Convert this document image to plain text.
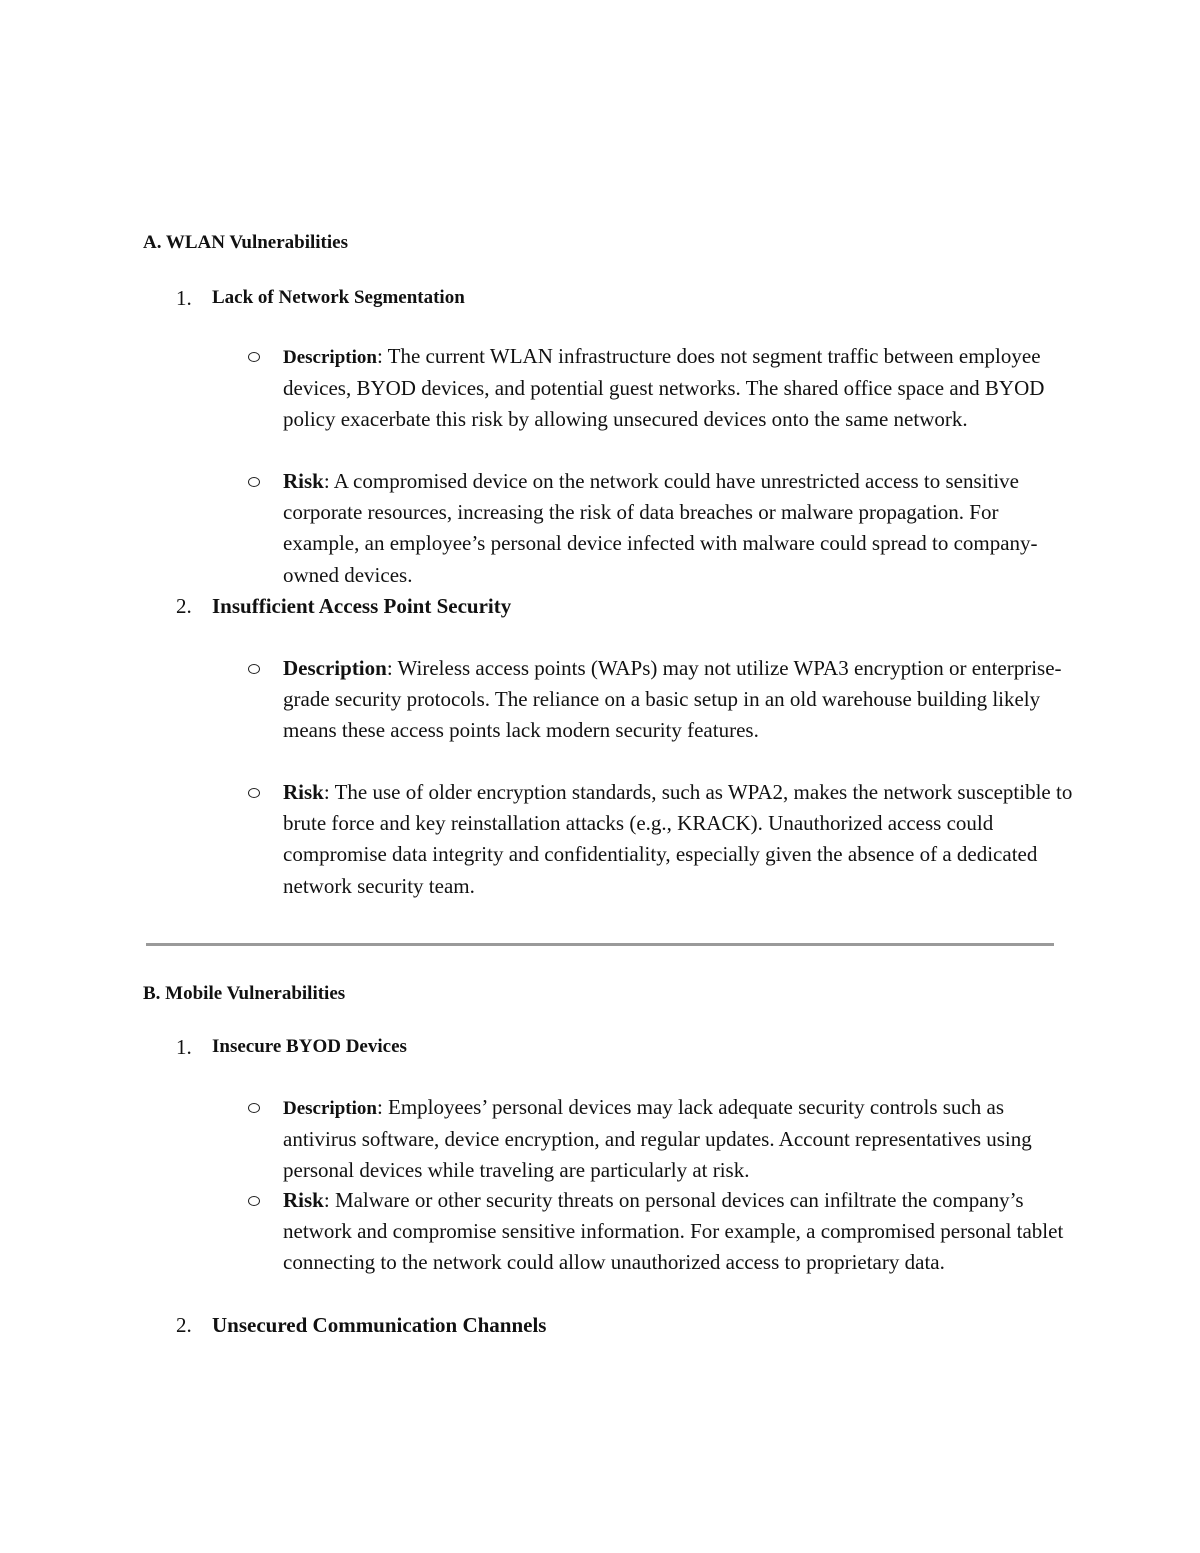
A. WLAN Vulnerabilities
1. Lack of Network Segmentation
Description: The current WLAN infrastructure does not segment traffic between employee devices, BYOD devices, and potential guest networks. The shared office space and BYOD policy exacerbate this risk by allowing unsecured devices onto the same network.
Risk: A compromised device on the network could have unrestricted access to sensitive corporate resources, increasing the risk of data breaches or malware propagation. For example, an employee’s personal device infected with malware could spread to company-owned devices.
2. Insufficient Access Point Security
Description: Wireless access points (WAPs) may not utilize WPA3 encryption or enterprise-grade security protocols. The reliance on a basic setup in an old warehouse building likely means these access points lack modern security features.
Risk: The use of older encryption standards, such as WPA2, makes the network susceptible to brute force and key reinstallation attacks (e.g., KRACK). Unauthorized access could compromise data integrity and confidentiality, especially given the absence of a dedicated network security team.
B. Mobile Vulnerabilities
1. Insecure BYOD Devices
Description: Employees’ personal devices may lack adequate security controls such as antivirus software, device encryption, and regular updates. Account representatives using personal devices while traveling are particularly at risk.
Risk: Malware or other security threats on personal devices can infiltrate the company’s network and compromise sensitive information. For example, a compromised personal tablet connecting to the network could allow unauthorized access to proprietary data.
2. Unsecured Communication Channels
